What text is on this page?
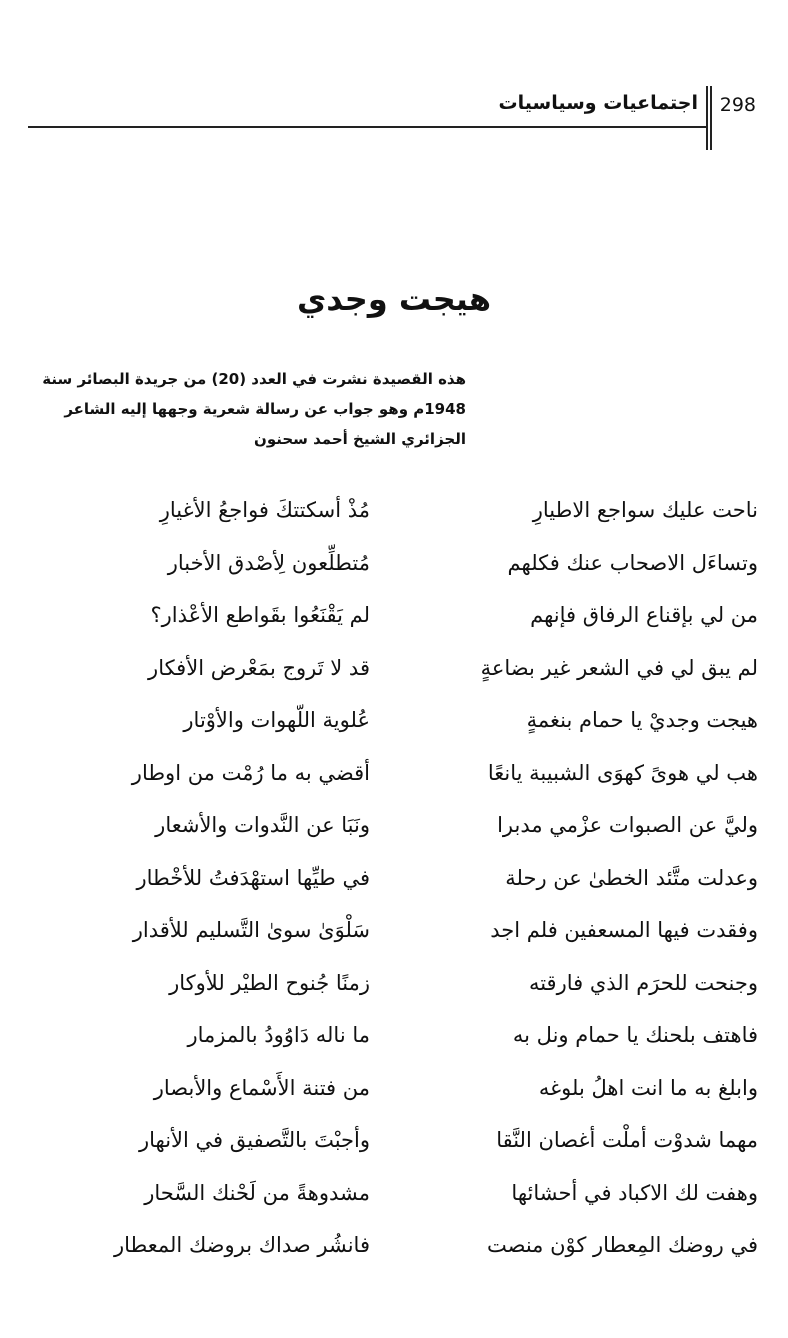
اجتماعيات وسياسيات 298
هيجت وجدي
هذه القصيدة نشرت في العدد (20) من جريدة البصائر سنة
1948م وهو جواب عن رسالة شعرية وجهها إليه الشاعر
الجزائري الشيخ أحمد سحنون
ناحت عليك سواجع الاطيارِ
مُذْ أسكتتكَ فواجعُ الأغيارِ
وتساءَل الاصحاب عنك فكلهم
مُتطلِّعون لِأصْدق الأخبار
من لي بإقناع الرفاق فإنهم
لم يَقْنَعُوا بقَواطع الأعْذار؟
لم يبق لي في الشعر غير بضاعةٍ
قد لا تَروج بمَعْرض الأفكار
هيجت وجديْ يا حمام بنغمةٍ
عُلوية اللّهوات والأوْتار
هب لي هوىً كهوَى الشبيبة يانعًا
أقضي به ما رُمْت من اوطار
وليَّ عن الصبوات عزْمي مدبرا
ونَبَا عن النَّدوات والأشعار
وعدلت متَّئد الخطىٰ عن رحلة
في طيِّها استهْدَفتُ للأخْطار
وفقدت فيها المسعفين فلم اجد
سَلْوَىٰ سوىٰ التَّسليم للأقدار
وجنحت للحرَم الذي فارقته
زمنًا جُنوح الطيْر للأوكار
فاهتف بلحنك يا حمام ونل به
ما ناله دَاوُودُ بالمزمار
وابلغ به ما انت اهلُ بلوغه
من فتنة الأَسْماع والأبصار
مهما شدوْت أملْت أغصان النَّقا
وأجبْتَ بالتَّصفيق في الأنهار
وهفت لك الاكباد في أحشائها
مشدوهةً من لَحْنك السَّحار
في روضك المِعطار كوْن منصت
فانشُر صداك بروضك المعطار
